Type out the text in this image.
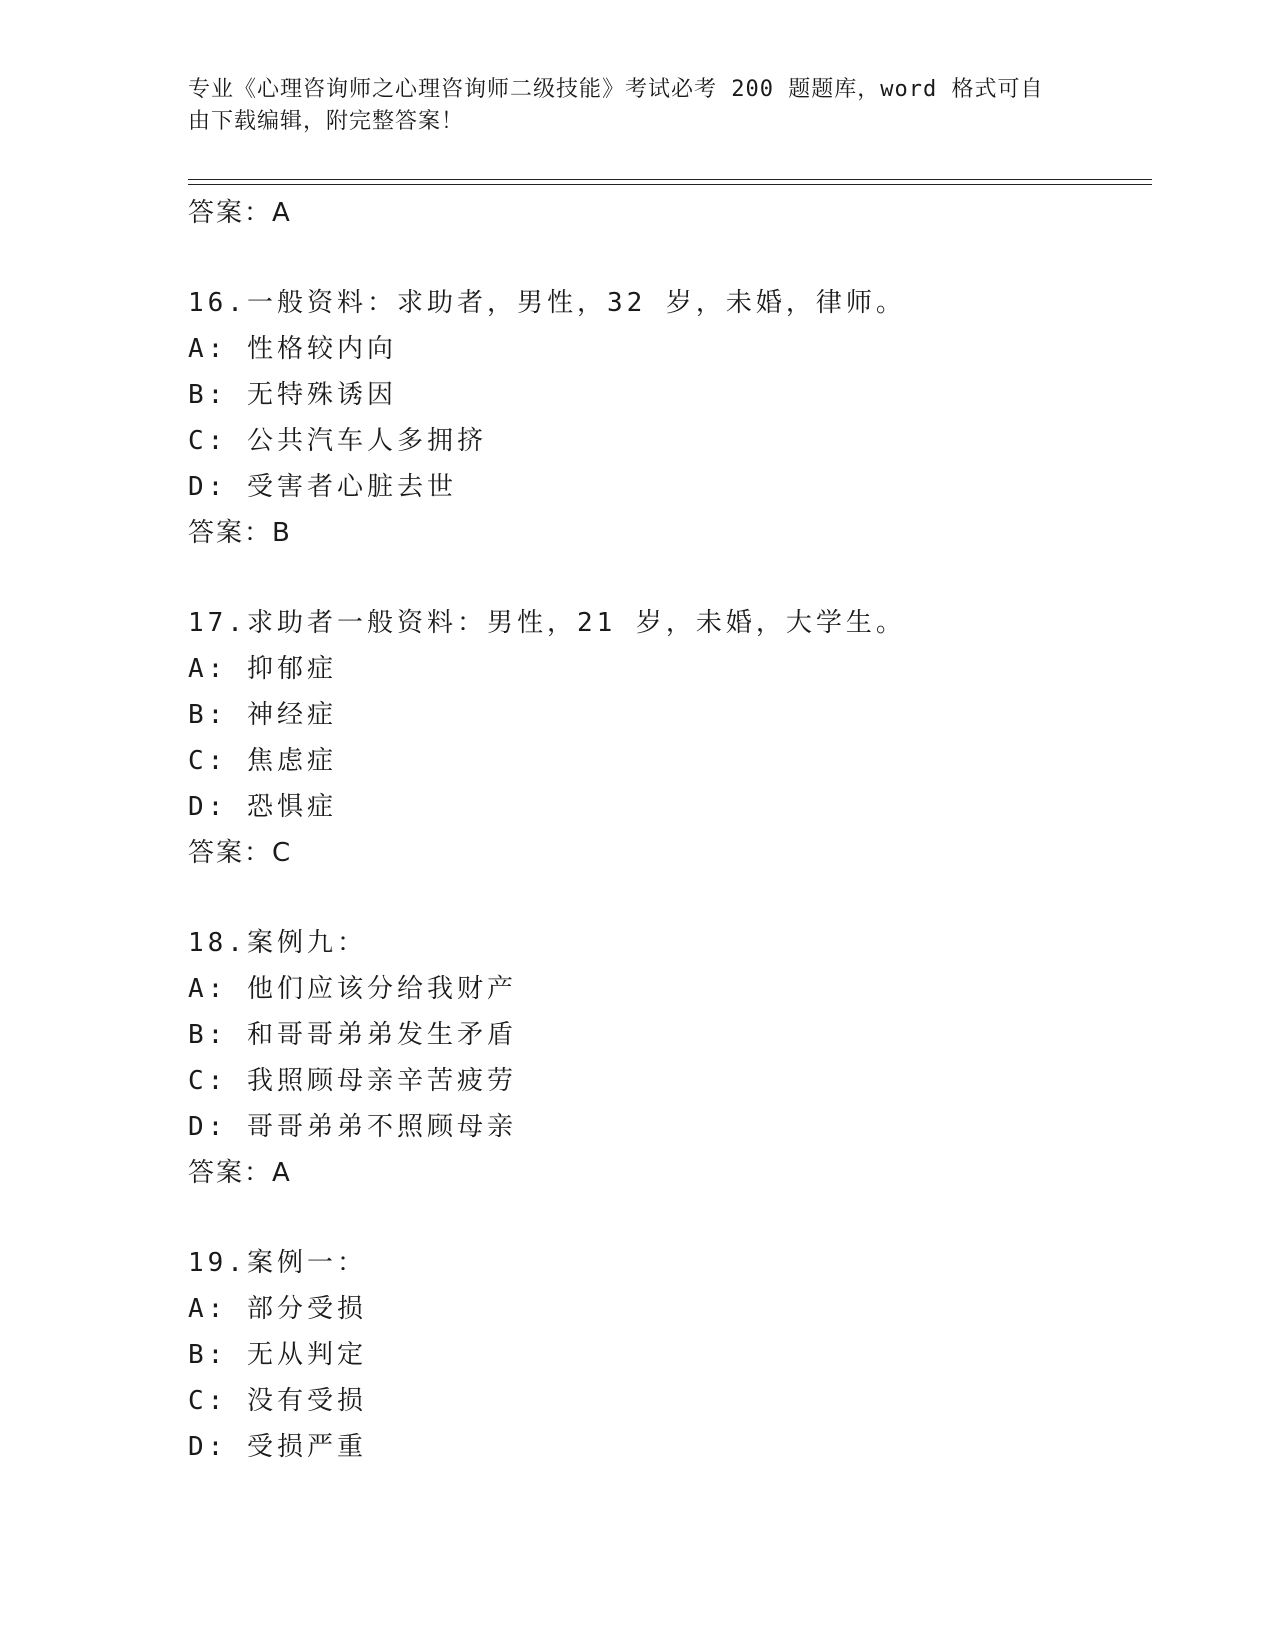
专业《心理咨询师之心理咨询师二级技能》考试必考 200 题题库，word 格式可自
由下载编辑，附完整答案！
答案：A
16.一般资料：求助者，男性，32 岁，未婚，律师。
A: 性格较内向
B: 无特殊诱因
C: 公共汽车人多拥挤
D: 受害者心脏去世
答案：B
17.求助者一般资料：男性，21 岁，未婚，大学生。
A: 抑郁症
B: 神经症
C: 焦虑症
D: 恐惧症
答案：C
18.案例九：
A: 他们应该分给我财产
B: 和哥哥弟弟发生矛盾
C: 我照顾母亲辛苦疲劳
D: 哥哥弟弟不照顾母亲
答案：A
19.案例一：
A: 部分受损
B: 无从判定
C: 没有受损
D: 受损严重
